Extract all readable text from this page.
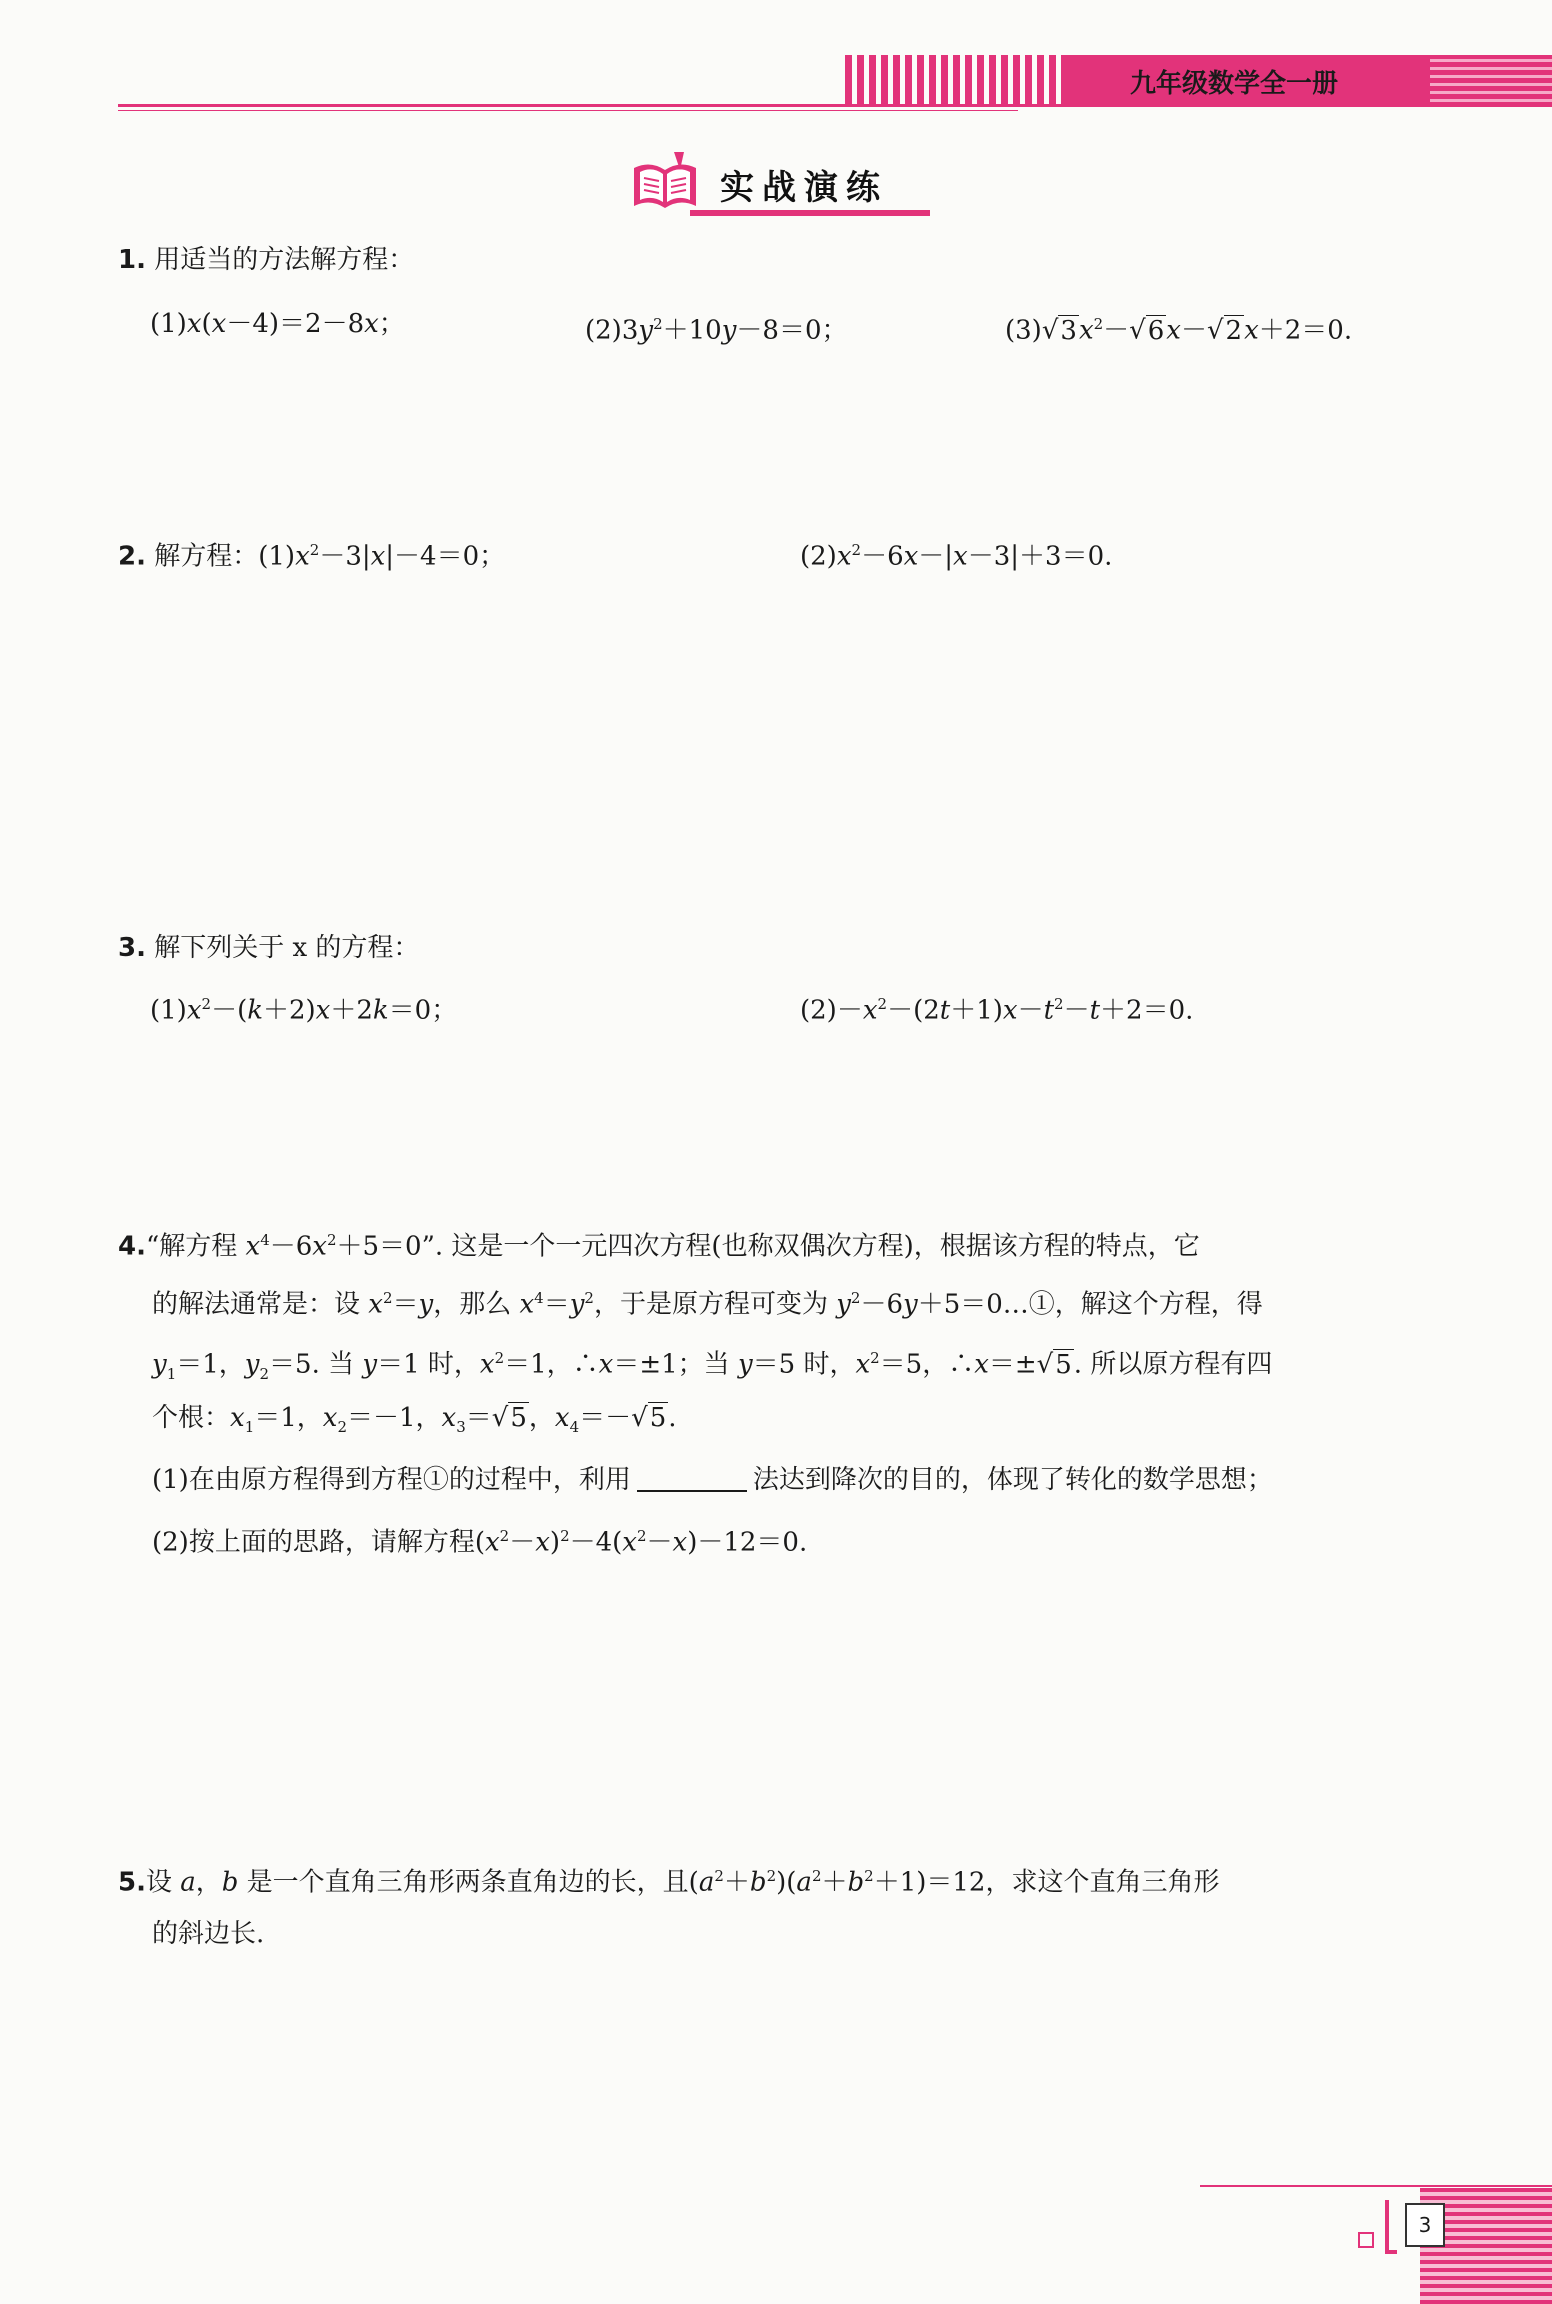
九年级数学全一册
实战演练
1. 用适当的方法解方程：
(1)x(x－4)＝2－8x；	$(2)3y^2+10y-8=0$；	$(3)√3x^2-√6x-√2x+2=0$.
2. 解方程：$(1)x^2-3|x|-4=0$；	$(2)x^2-6x-|x-3|+3=0$.
3. 解下列关于 x 的方程：
$(1)x^2-(k+2)x+2k=0$；	$(2)-x^2-(2t+1)x-t^2-t+2=0$.
4.“解方程 $x^4-6x^2+5=0$”. 这是一个一元四次方程(也称双偶次方程)，根据该方程的特点，它
的解法通常是：设 $x^2=y$，那么 $x^4=y^2$，于是原方程可变为 $y^2-6y+5=0\dots ①$，解这个方程，得
$y_1=1$，$y_2=5$. 当 y＝1 时，$x^2=1$，∴x＝±1；当 y＝5 时，$x^2=5$，∴x＝±√5. 所以原方程有四
个根：$x_1=1$，$x_2=-1$，$x_3=√5$，$x_4=-√5$.
(1)在由原方程得到方程①的过程中，利用	法达到降次的目的，体现了转化的数学思想；
(2)按上面的思路，请解方程$(x^2-x)^2-4(x^2-x)-12=0$.
5.设 a，b 是一个直角三角形两条直角边的长，且$(a^2+b^2)(a^2+b^2+1)=12$，求这个直角三角形
的斜边长.
3
